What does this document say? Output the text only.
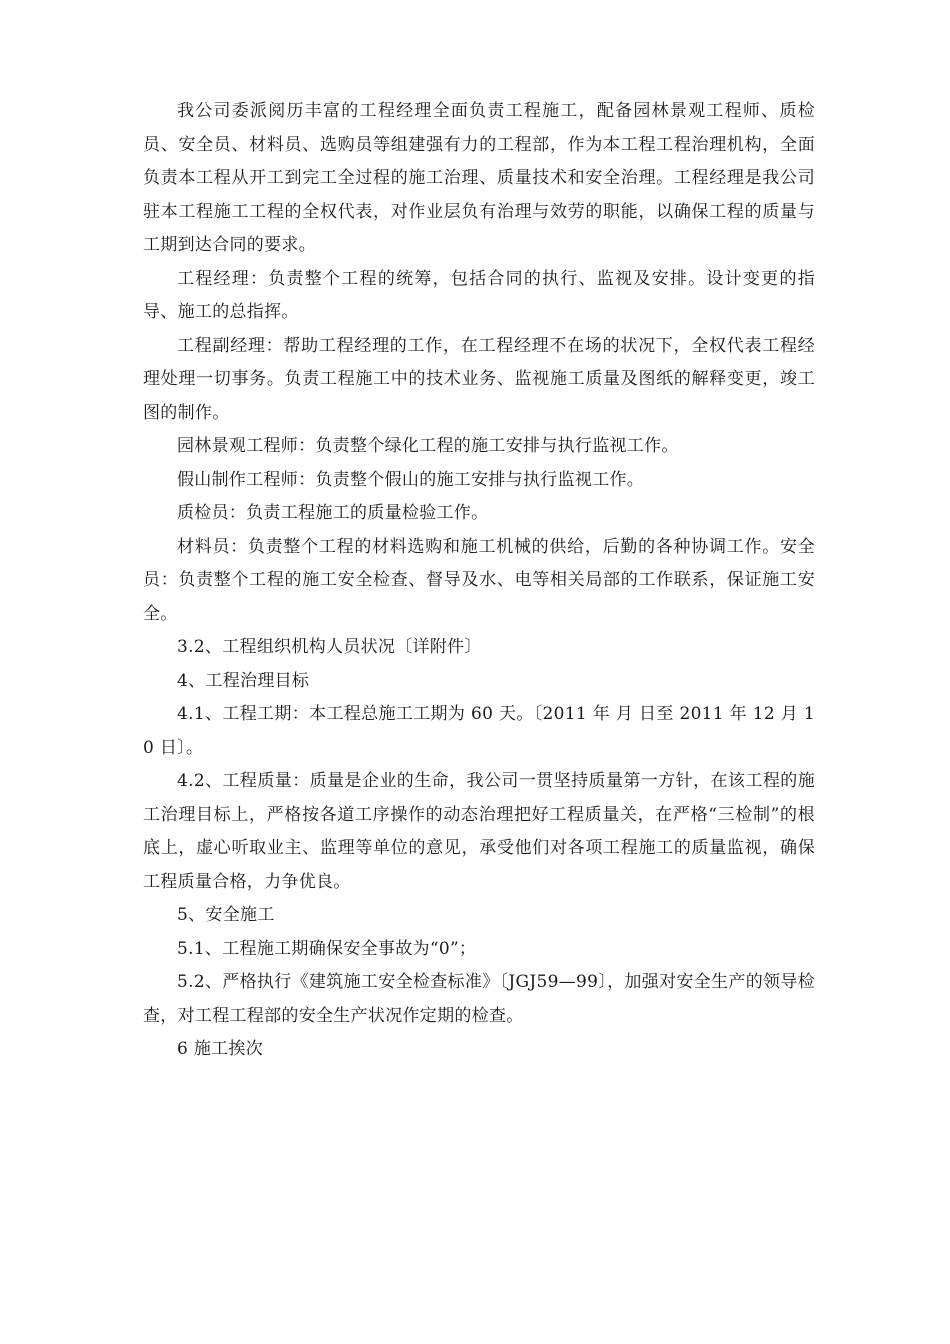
我公司委派阅历丰富的工程经理全面负责工程施工，配备园林景观工程师、质检员、安全员、材料员、选购员等组建强有力的工程部，作为本工程工程治理机构，全面负责本工程从开工到完工全过程的施工治理、质量技术和安全治理。工程经理是我公司驻本工程施工工程的全权代表，对作业层负有治理与效劳的职能，以确保工程的质量与工期到达合同的要求。

工程经理：负责整个工程的统筹，包括合同的执行、监视及安排。设计变更的指导、施工的总指挥。

工程副经理：帮助工程经理的工作，在工程经理不在场的状况下，全权代表工程经理处理一切事务。负责工程施工中的技术业务、监视施工质量及图纸的解释变更，竣工图的制作。

园林景观工程师：负责整个绿化工程的施工安排与执行监视工作。

假山制作工程师：负责整个假山的施工安排与执行监视工作。

质检员：负责工程施工的质量检验工作。

材料员：负责整个工程的材料选购和施工机械的供给，后勤的各种协调工作。安全员：负责整个工程的施工安全检查、督导及水、电等相关局部的工作联系，保证施工安全。

3.2、工程组织机构人员状况〔详附件〕

4、工程治理目标

4.1、工程工期：本工程总施工工期为 60 天。〔2011 年 月 日至 2011 年 12 月 10 日〕。

4.2、工程质量：质量是企业的生命，我公司一贯坚持质量第一方针，在该工程的施工治理目标上，严格按各道工序操作的动态治理把好工程质量关，在严格“三检制”的根底上，虚心听取业主、监理等单位的意见，承受他们对各项工程施工的质量监视，确保工程质量合格，力争优良。

5、安全施工

5.1、工程施工期确保安全事故为“0”；

5.2、严格执行《建筑施工安全检查标准》〔JGJ59—99〕，加强对安全生产的领导检查，对工程工程部的安全生产状况作定期的检查。

6 施工挨次
